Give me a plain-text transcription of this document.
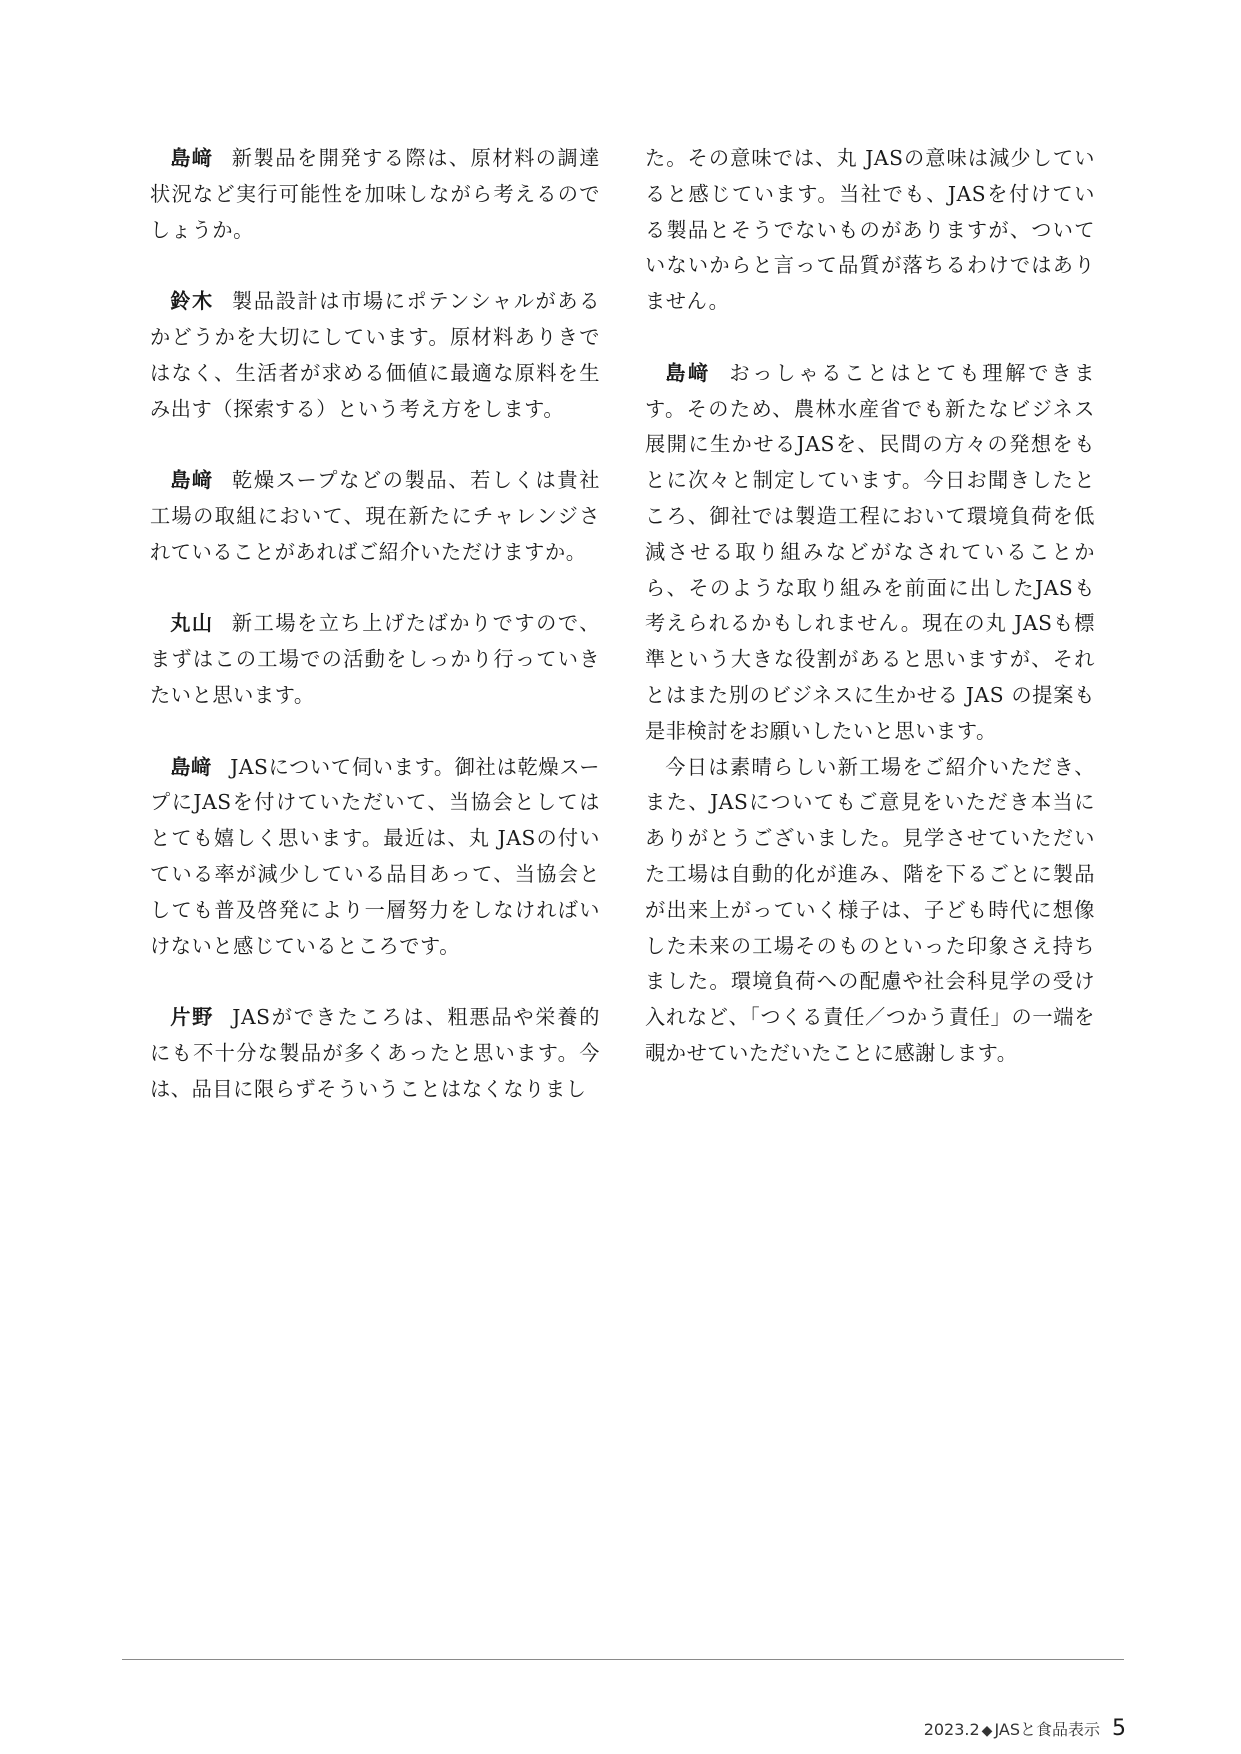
島﨑 新製品を開発する際は、原材料の調達状況など実行可能性を加味しながら考えるのでしょうか。

鈴木 製品設計は市場にポテンシャルがあるかどうかを大切にしています。原材料ありきではなく、生活者が求める価値に最適な原料を生み出す（探索する）という考え方をします。

島﨑 乾燥スープなどの製品、若しくは貴社工場の取組において、現在新たにチャレンジされていることがあればご紹介いただけますか。

丸山 新工場を立ち上げたばかりですので、まずはこの工場での活動をしっかり行っていきたいと思います。

島﨑 JASについて伺います。御社は乾燥スープにJASを付けていただいて、当協会としてはとても嬉しく思います。最近は、丸 JASの付いている率が減少している品目あって、当協会としても普及啓発により一層努力をしなければいけないと感じているところです。

片野 JASができたころは、粗悪品や栄養的にも不十分な製品が多くあったと思います。今は、品目に限らずそういうことはなくなりまし

た。その意味では、丸 JASの意味は減少していると感じています。当社でも、JASを付けている製品とそうでないものがありますが、ついていないからと言って品質が落ちるわけではありません。

島﨑 おっしゃることはとても理解できます。そのため、農林水産省でも新たなビジネス展開に生かせるJASを、民間の方々の発想をもとに次々と制定しています。今日お聞きしたところ、御社では製造工程において環境負荷を低減させる取り組みなどがなされていることから、そのような取り組みを前面に出したJASも考えられるかもしれません。現在の丸 JASも標準という大きな役割があると思いますが、それとはまた別のビジネスに生かせる JAS の提案も是非検討をお願いしたいと思います。

今日は素晴らしい新工場をご紹介いただき、また、JASについてもご意見をいただき本当にありがとうございました。見学させていただいた工場は自動的化が進み、階を下るごとに製品が出来上がっていく様子は、子ども時代に想像した未来の工場そのものといった印象さえ持ちました。環境負荷への配慮や社会科見学の受け入れなど、「つくる責任／つかう責任」の一端を覗かせていただいたことに感謝します。

2023.2 ◆ JASと食品表示 5
